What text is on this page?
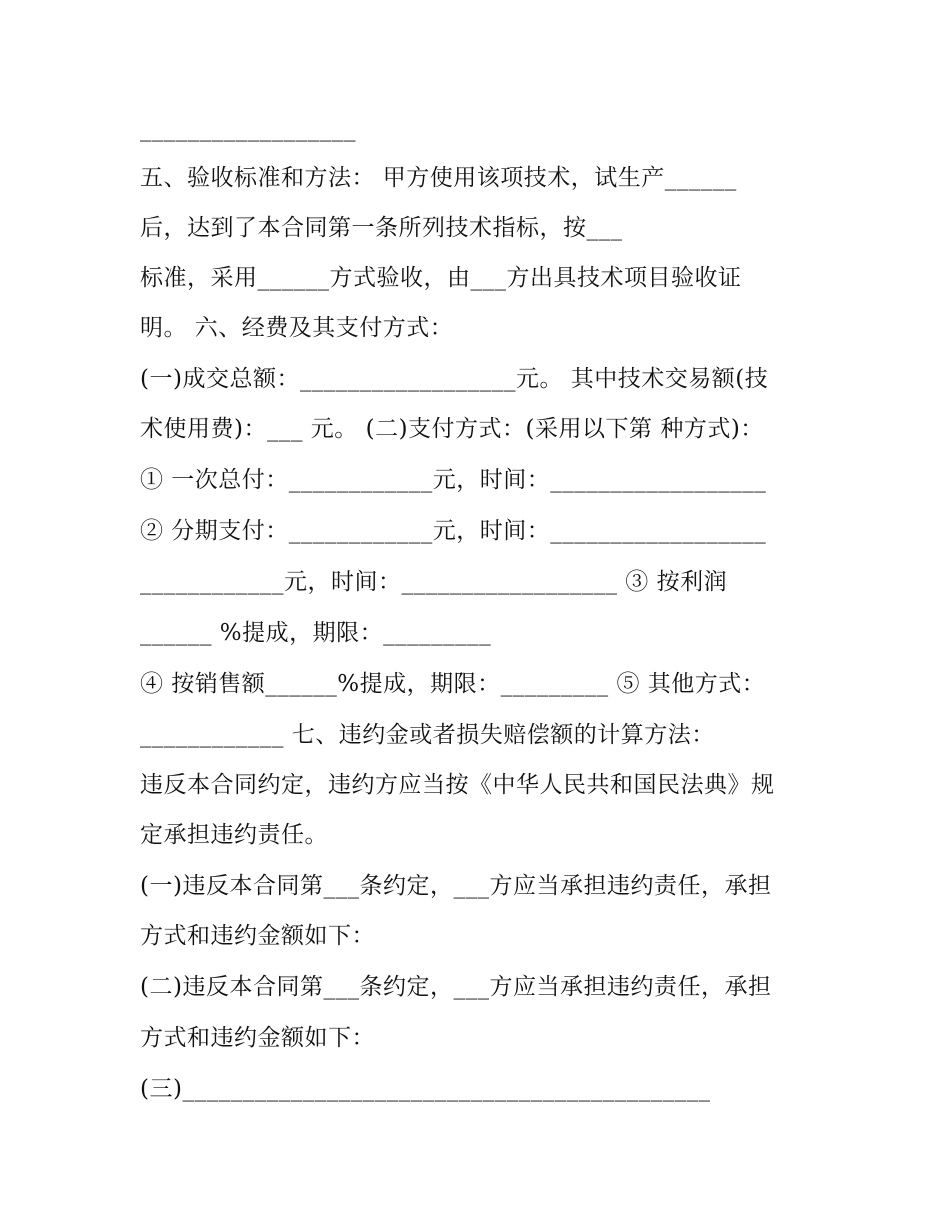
__________________
五、验收标准和方法： 甲方使用该项技术，试生产______
后，达到了本合同第一条所列技术指标，按___
标准，采用______方式验收，由___方出具技术项目验收证
明。 六、经费及其支付方式：
(一)成交总额：__________________元。 其中技术交易额(技
术使用费)：___ 元。 (二)支付方式：(采用以下第 种方式)：
① 一次总付：____________元，时间：__________________
② 分期支付：____________元，时间：__________________
____________元，时间：__________________ ③ 按利润
______ %提成，期限：_________
④ 按销售额______%提成，期限：_________ ⑤ 其他方式：
____________ 七、违约金或者损失赔偿额的计算方法：
违反本合同约定，违约方应当按《中华人民共和国民法典》规
定承担违约责任。
(一)违反本合同第___条约定，___方应当承担违约责任，承担
方式和违约金额如下：
(二)违反本合同第___条约定，___方应当承担违约责任，承担
方式和违约金额如下：
(三)____________________________________________
